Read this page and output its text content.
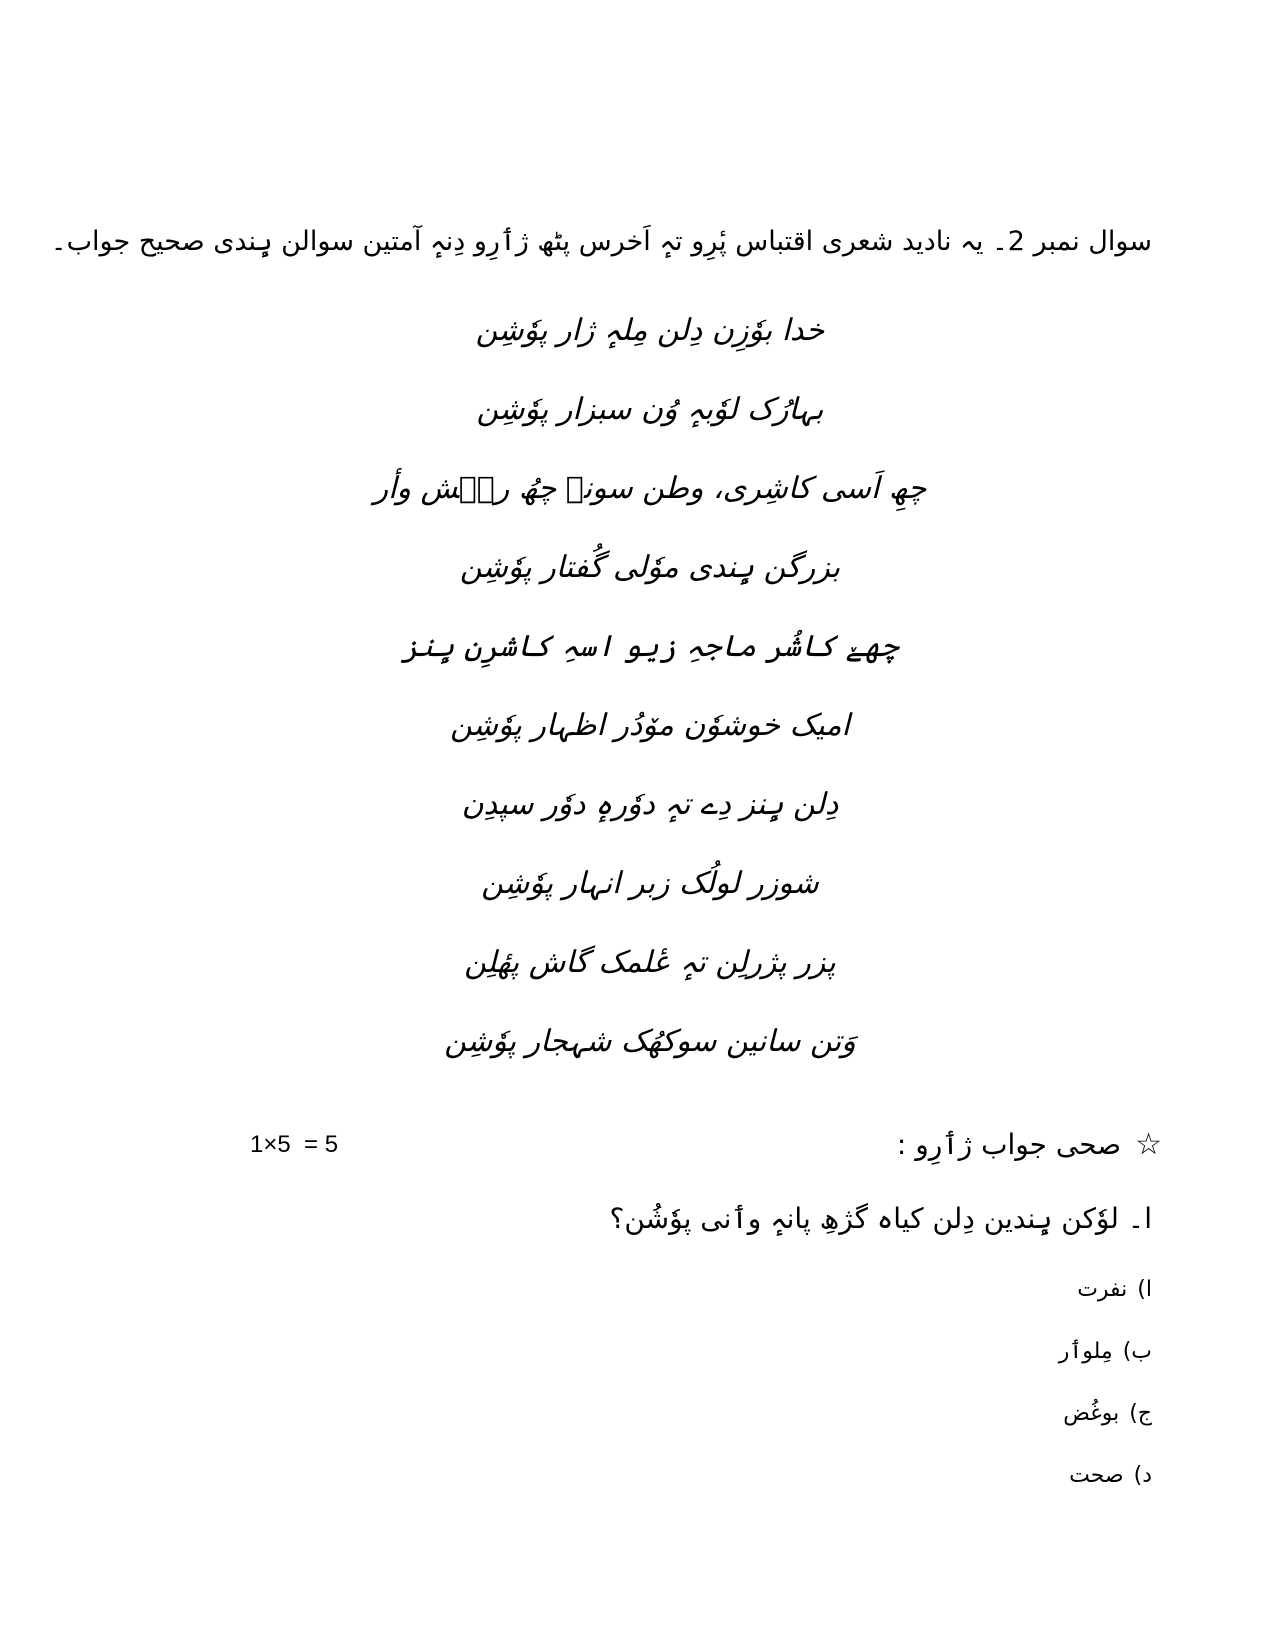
سوال نمبر 2۔ یہ نادید شعری اقتباس پٔرِو تہٕ اَخرس پٹھ ژٲرِو دِنہٕ آمتین سوالن ہٕندی صحیح جواب۔
خدا بوٗزِن دِلن مِلہٕ ژار پوٗشِن
بہارُک لوٗبہٕ وُن سبزار پوٗشِن
چھِ اَسی کاشِری، وطن سونے چھُ ریٖش وأر
بزرگن ہٕندی موٗلی گُفتار پوٗشِن
چھےٚ کاشُر ماجہِ زیو اسہِ کاشرِن ہٕنز
امیک خوشوٗن موٚدُر اظہار پوٗشِن
دِلن ہٕنز دِے تہٕ دوٗرہٕ دوٗر سپدِن
شوزر لولُک زبر انہار پوٗشِن
پزر پژرلِن تہٕ عٔلمک گاش پھٔلِن
وَتن سانین سوکھُک شہجار پوٗشِن
☆صحی جواب ژٲرِو :
1×5  = 5
ا۔ لوٗکن ہٕندین دِلن کیاہ گژھِ پانہٕ وٲنی پوٗشُن؟
ا)نفرت
ب)مِلوٲر
ج)بوغُض
د)صحت
